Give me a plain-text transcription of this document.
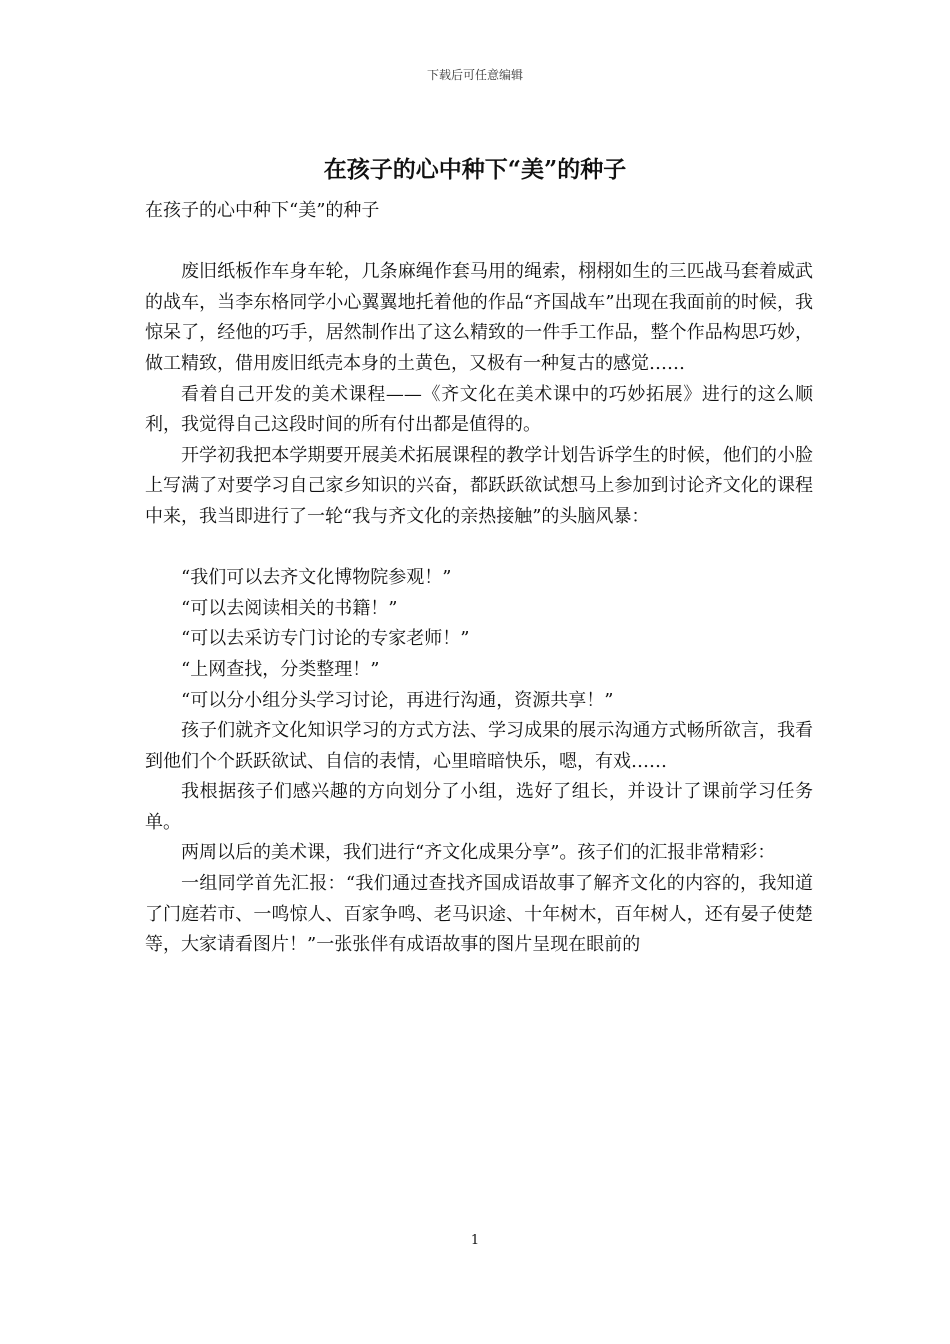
下载后可任意编辑
在孩子的心中种下“美”的种子

在孩子的心中种下“美”的种子

废旧纸板作车身车轮，几条麻绳作套马用的绳索，栩栩如生的三匹战马套着威武的战车，当李东格同学小心翼翼地托着他的作品“齐国战车”出现在我面前的时候，我惊呆了，经他的巧手，居然制作出了这么精致的一件手工作品，整个作品构思巧妙，做工精致，借用废旧纸壳本身的土黄色，又极有一种复古的感觉……

看着自己开发的美术课程——《齐文化在美术课中的巧妙拓展》进行的这么顺利，我觉得自己这段时间的所有付出都是值得的。

开学初我把本学期要开展美术拓展课程的教学计划告诉学生的时候，他们的小脸上写满了对要学习自己家乡知识的兴奋，都跃跃欲试想马上参加到讨论齐文化的课程中来，我当即进行了一轮“我与齐文化的亲热接触”的头脑风暴：

“我们可以去齐文化博物院参观！”

“可以去阅读相关的书籍！”

“可以去采访专门讨论的专家老师！”

“上网查找，分类整理！”

“可以分小组分头学习讨论，再进行沟通，资源共享！”

孩子们就齐文化知识学习的方式方法、学习成果的展示沟通方式畅所欲言，我看到他们个个跃跃欲试、自信的表情，心里暗暗快乐，嗯，有戏……

我根据孩子们感兴趣的方向划分了小组，选好了组长，并设计了课前学习任务单。

两周以后的美术课，我们进行“齐文化成果分享”。孩子们的汇报非常精彩：

一组同学首先汇报：“我们通过查找齐国成语故事了解齐文化的内容的，我知道了门庭若市、一鸣惊人、百家争鸣、老马识途、十年树木，百年树人，还有晏子使楚等，大家请看图片！”一张张伴有成语故事的图片呈现在眼前的

1
